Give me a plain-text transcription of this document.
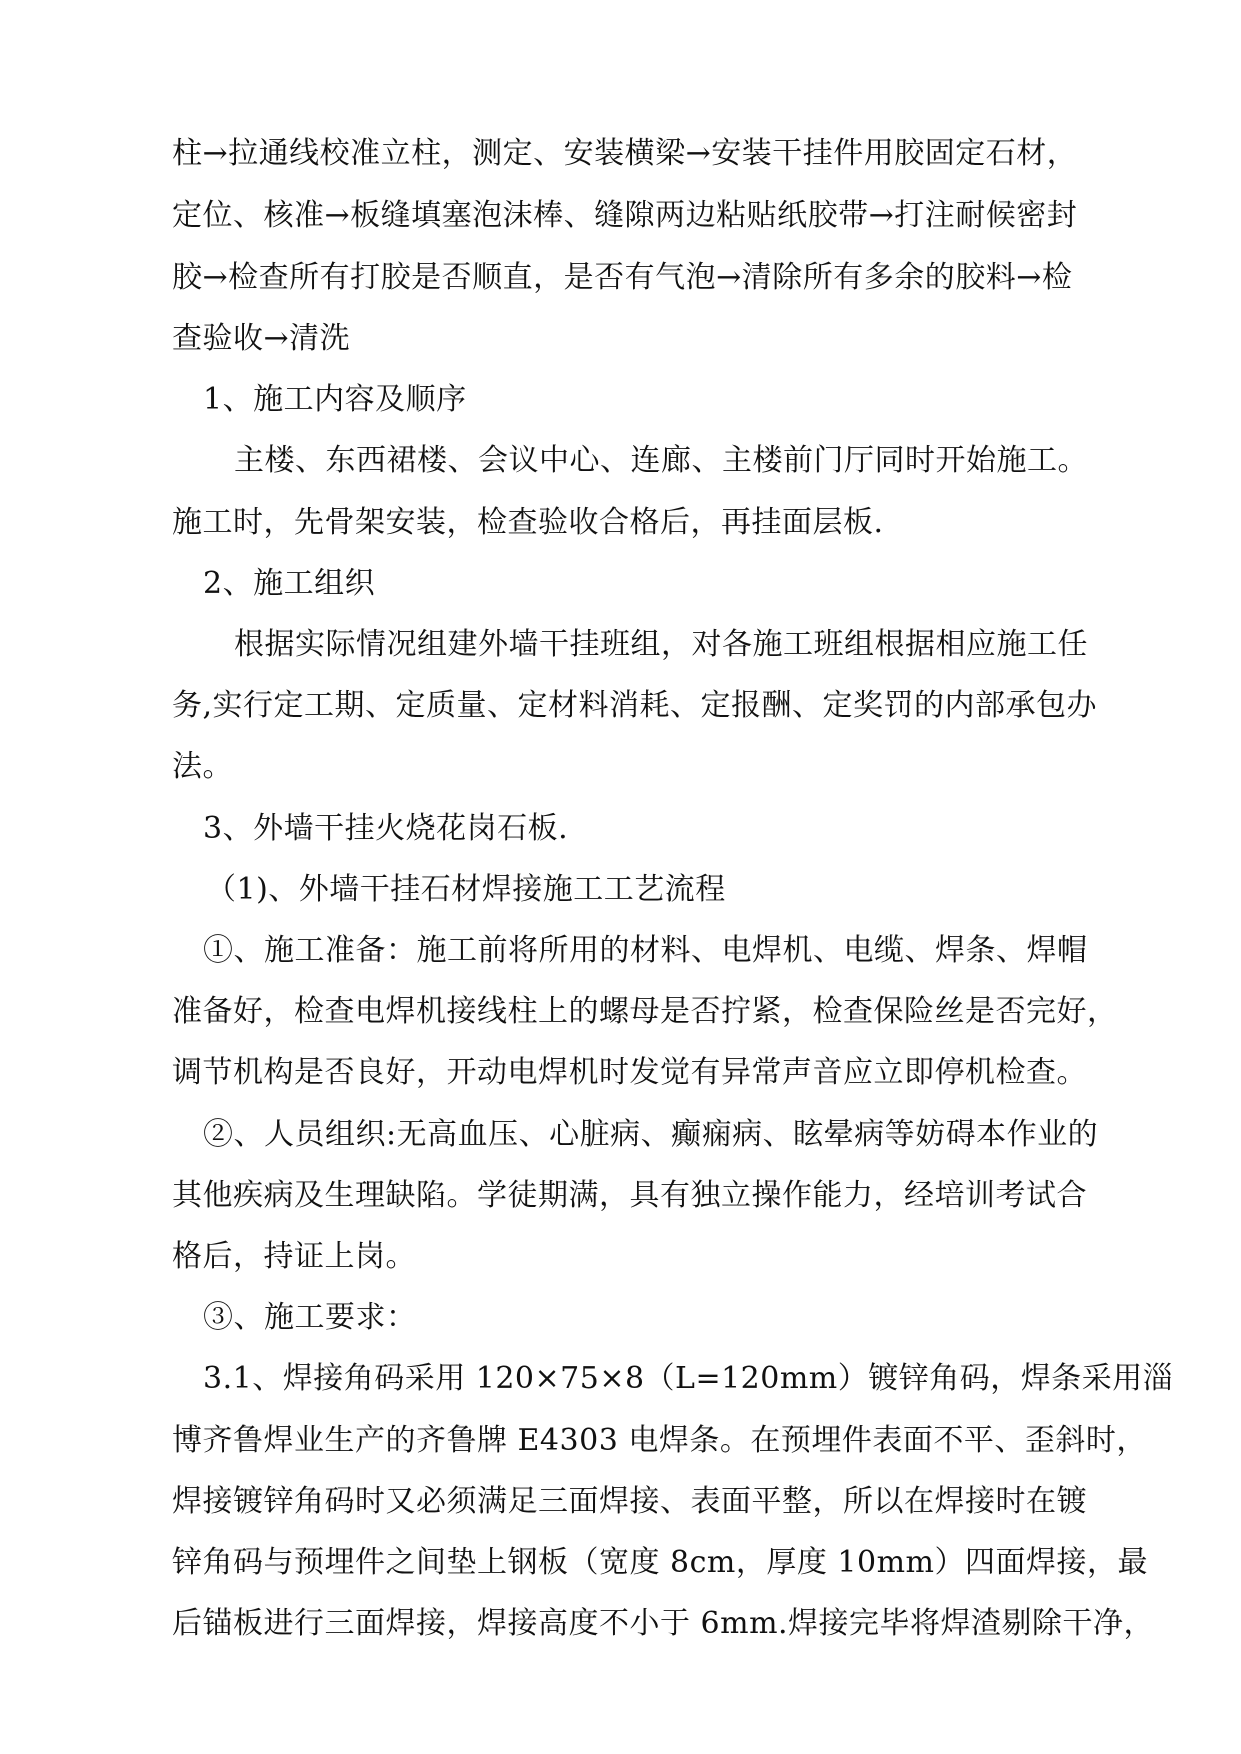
柱→拉通线校准立柱，测定、安装横梁→安装干挂件用胶固定石材，

定位、核准→板缝填塞泡沫棒、缝隙两边粘贴纸胶带→打注耐候密封

胶→检查所有打胶是否顺直，是否有气泡→清除所有多余的胶料→检

查验收→清洗

1、施工内容及顺序

主楼、东西裙楼、会议中心、连廊、主楼前门厅同时开始施工。

施工时，先骨架安装，检查验收合格后，再挂面层板.

2、施工组织

根据实际情况组建外墙干挂班组，对各施工班组根据相应施工任

务,实行定工期、定质量、定材料消耗、定报酬、定奖罚的内部承包办

法。

3、外墙干挂火烧花岗石板.

（1)、外墙干挂石材焊接施工工艺流程

①、施工准备：施工前将所用的材料、电焊机、电缆、焊条、焊帽

准备好，检查电焊机接线柱上的螺母是否拧紧，检查保险丝是否完好，

调节机构是否良好，开动电焊机时发觉有异常声音应立即停机检查。

②、人员组织:无高血压、心脏病、癫痫病、眩晕病等妨碍本作业的

其他疾病及生理缺陷。学徒期满，具有独立操作能力，经培训考试合

格后，持证上岗。

③、施工要求：

3.1、焊接角码采用 120×75×8（L=120mm）镀锌角码，焊条采用淄

博齐鲁焊业生产的齐鲁牌 E4303 电焊条。在预埋件表面不平、歪斜时，

焊接镀锌角码时又必须满足三面焊接、表面平整，所以在焊接时在镀

锌角码与预埋件之间垫上钢板（宽度 8cm，厚度 10mm）四面焊接，最

后锚板进行三面焊接，焊接高度不小于 6mm.焊接完毕将焊渣剔除干净，
